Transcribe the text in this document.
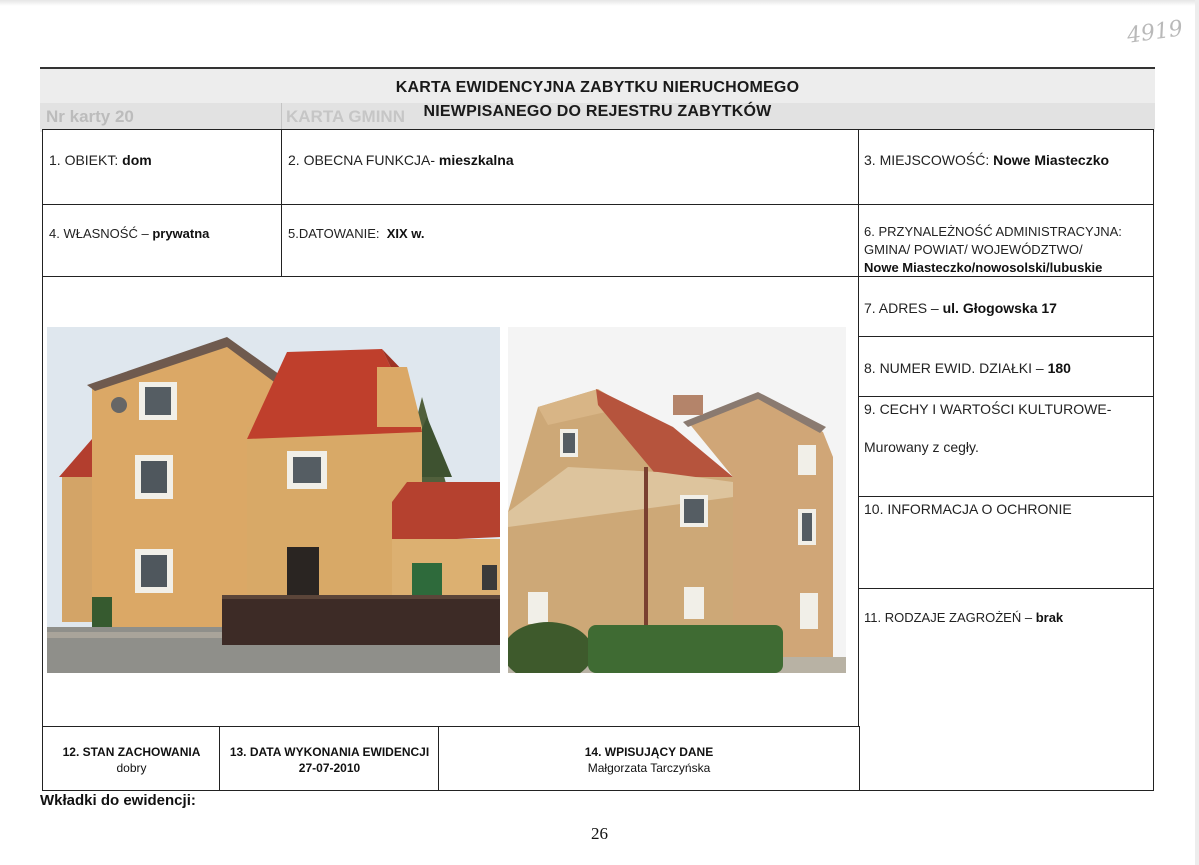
4919
Nr karty 20	KARTA GMINN
KARTA EWIDENCYJNA ZABYTKU NIERUCHOMEGO
NIEWPISANEGO DO REJESTRU ZABYTKÓW
1. OBIEKT: dom	2. OBECNA FUNKCJA- mieszkalna	3. MIEJSCOWOŚĆ: Nowe Miasteczko
4. WŁASNOŚĆ – prywatna	5.DATOWANIE: XIX w.	6. PRZYNALEŻNOŚĆ ADMINISTRACYJNA:
GMINA/ POWIAT/ WOJEWÓDZTWO/
Nowe Miasteczko/nowosolski/lubuskie
7. ADRES – ul. Głogowska 17
8. NUMER EWID. DZIAŁKI – 180
9. CECHY I WARTOŚCI KULTUROWE-
Murowany z cegły.
10. INFORMACJA O OCHRONIE
11. RODZAJE ZAGROŻEŃ – brak
12. STAN ZACHOWANIA
dobry
13. DATA WYKONANIA EWIDENCJI
27-07-2010
14. WPISUJĄCY DANE
Małgorzata Tarczyńska
Wkładki do ewidencji:
26
